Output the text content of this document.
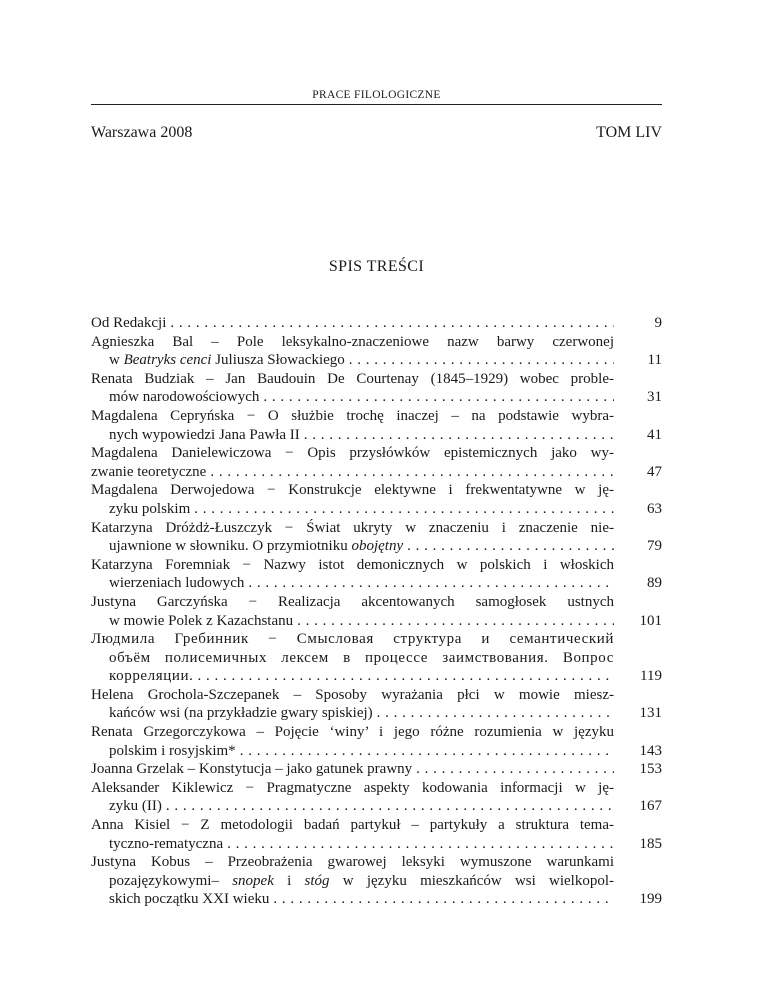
PRACE FILOLOGICZNE
Warszawa 2008	TOM LIV
SPIS TREŚCI
Od Redakcji . . .	9
Agnieszka Bal – Pole leksykalno-znaczeniowe nazw barwy czerwonej
w Beatryks cenci Juliusza Słowackiego . . .	11
Renata Budziak – Jan Baudouin De Courtenay (1845–1929) wobec proble-
mów narodowościowych . . .	31
Magdalena Cepryńska − O służbie trochę inaczej – na podstawie wybra-
nych wypowiedzi Jana Pawła II . . .	41
Magdalena Danielewiczowa − Opis przysłówków epistemicznych jako wy-
zwanie teoretyczne . . .	47
Magdalena Derwojedowa − Konstrukcje elektywne i frekwentatywne w ję-
zyku polskim . . .	63
Katarzyna Dróżdż-Łuszczyk − Świat ukryty w znaczeniu i znaczenie nie-
ujawnione w słowniku. O przymiotniku obojętny . . .	79
Katarzyna Foremniak − Nazwy istot demonicznych w polskich i włoskich
wierzeniach ludowych . . .	89
Justyna Garczyńska − Realizacja akcentowanych samogłosek ustnych
w mowie Polek z Kazachstanu . . .	101
Людмила Гребинник − Смысловая структура и семантический
объём полисемичных лексем в процессе заимствования. Вопрос
корреляции. . . .	119
Helena Grochola-Szczepanek – Sposoby wyrażania płci w mowie miesz-
kańców wsi (na przykładzie gwary spiskiej) . . .	131
Renata Grzegorczykowa – Pojęcie ‘winy’ i jego różne rozumienia w języku
polskim i rosyjskim* . . .	143
Joanna Grzelak – Konstytucja – jako gatunek prawny . . .	153
Aleksander Kiklewicz − Pragmatyczne aspekty kodowania informacji w ję-
zyku (II) . . .	167
Anna Kisiel − Z metodologii badań partykuł – partykuły a struktura tema-
tyczno-rematyczna . . .	185
Justyna Kobus – Przeobrażenia gwarowej leksyki wymuszone warunkami
pozajęzykowymi– snopek i stóg w języku mieszkańców wsi wielkopol-
skich początku XXI wieku . . .	199
